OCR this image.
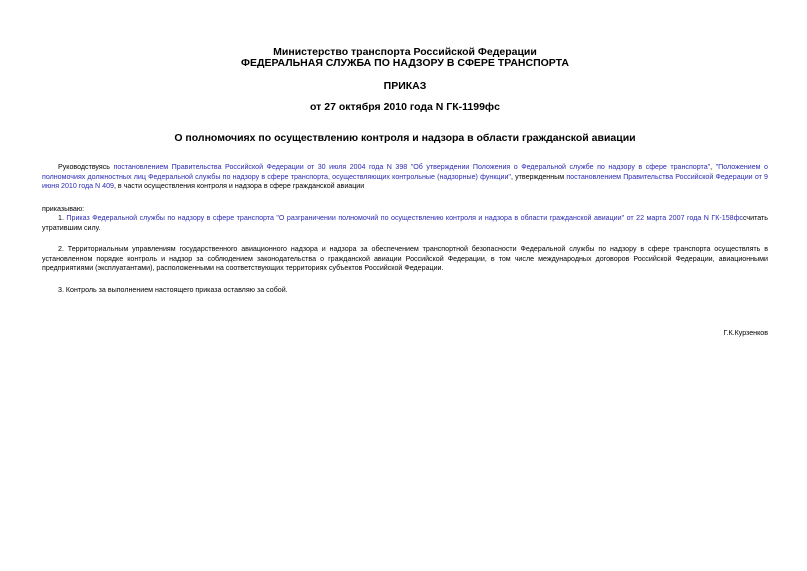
Министерство транспорта Российской Федерации
ФЕДЕРАЛЬНАЯ СЛУЖБА ПО НАДЗОРУ В СФЕРЕ ТРАНСПОРТА
ПРИКАЗ
от 27 октября 2010 года N ГК-1199фс
О полномочиях по осуществлению контроля и надзора в области гражданской авиации

Руководствуясь постановлением Правительства Российской Федерации от 30 июля 2004 года N 398 "Об утверждении Положения о Федеральной службе по надзору в сфере транспорта", "Положением о полномочиях должностных лиц Федеральной службы по надзору в сфере транспорта, осуществляющих контрольные (надзорные) функции", утвержденным постановлением Правительства Российской Федерации от 9 июня 2010 года N 409, в части осуществления контроля и надзора в сфере гражданской авиации

приказываю:

1. Приказ Федеральной службы по надзору в сфере транспорта "О разграничении полномочий по осуществлению контроля и надзора в области гражданской авиации" от 22 марта 2007 года N ГК-158фссчитать утратившим силу.

2. Территориальным управлениям государственного авиационного надзора и надзора за обеспечением транспортной безопасности Федеральной службы по надзору в сфере транспорта осуществлять в установленном порядке контроль и надзор за соблюдением законодательства о гражданской авиации Российской Федерации, в том числе международных договоров Российской Федерации, авиационными предприятиями (эксплуатантами), расположенными на соответствующих территориях субъектов Российской Федерации.

3. Контроль за выполнением настоящего приказа оставляю за собой.

Г.К.Курзенков
